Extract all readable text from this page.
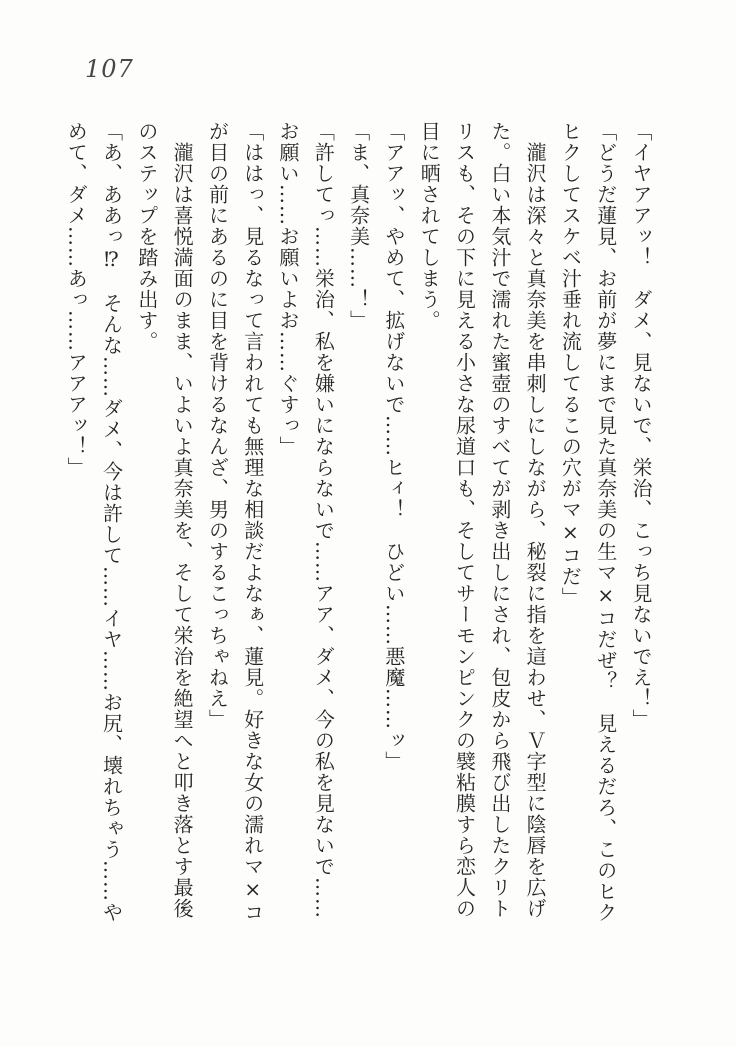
107
「イヤアアッ！　ダメ、見ないで、栄治、こっち見ないでえ！」
「どうだ蓮見、お前が夢にまで見た真奈美の生マ×コだぜ？　見えるだろ、このヒク
ヒクしてスケベ汁垂れ流してるこの穴がマ×コだ」
　瀧沢は深々と真奈美を串刺しにしながら、秘裂に指を這わせ、Ｖ字型に陰唇を広げ
た。白い本気汁で濡れた蜜壺のすべてが剥き出しにされ、包皮から飛び出したクリト
リスも、その下に見える小さな尿道口も、そしてサーモンピンクの襞粘膜すら恋人の
目に晒されてしまう。
「アアッ、やめて、拡げないで……ヒィ！　ひどい……悪魔……ッ」
「ま、真奈美……！」
「許してっ……栄治、私を嫌いにならないで……アア、ダメ、今の私を見ないで……
お願い……お願いよお……ぐすっ」
「ははっ、見るなって言われても無理な相談だよなぁ、蓮見。好きな女の濡れマ×コ
が目の前にあるのに目を背けるなんざ、男のするこっちゃねえ」
　瀧沢は喜悦満面のまま、いよいよ真奈美を、そして栄治を絶望へと叩き落とす最後
のステップを踏み出す。
「あ、ああっ⁉　そんな……ダメ、今は許して……イヤ……お尻、壊れちゃう……や
めて、ダメ……あっ……アアアッ！」
